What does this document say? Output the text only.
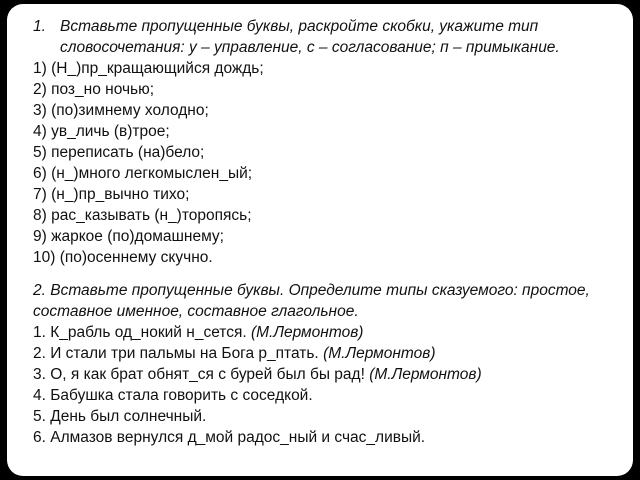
1. Вставьте пропущенные буквы, раскройте скобки, укажите тип словосочетания: у – управление, с – согласование; п – примыкание.

1) (Н_)пр_кращающийся дождь;

2) поз_но ночью;

3) (по)зимнему холодно;

4) ув_личь (в)трое;

5) переписать (на)бело;

6) (н_)много легкомыслен_ый;

7) (н_)пр_вычно тихо;

8) рас_казывать (н_)торопясь;

9) жаркое (по)домашнему;

10) (по)осеннему скучно.

2. Вставьте пропущенные буквы. Определите типы сказуемого: простое, составное именное, составное глагольное.

1. К_рабль од_нокий н_сется. (М.Лермонтов)

2. И стали три пальмы на Бога р_птать. (М.Лермонтов)

3. О, я как брат обнят_ся с бурей был бы рад! (М.Лермонтов)

4. Бабушка стала говорить с соседкой.

5. День был солнечный.

6. Алмазов вернулся д_мой радос_ный и счас_ливый.
